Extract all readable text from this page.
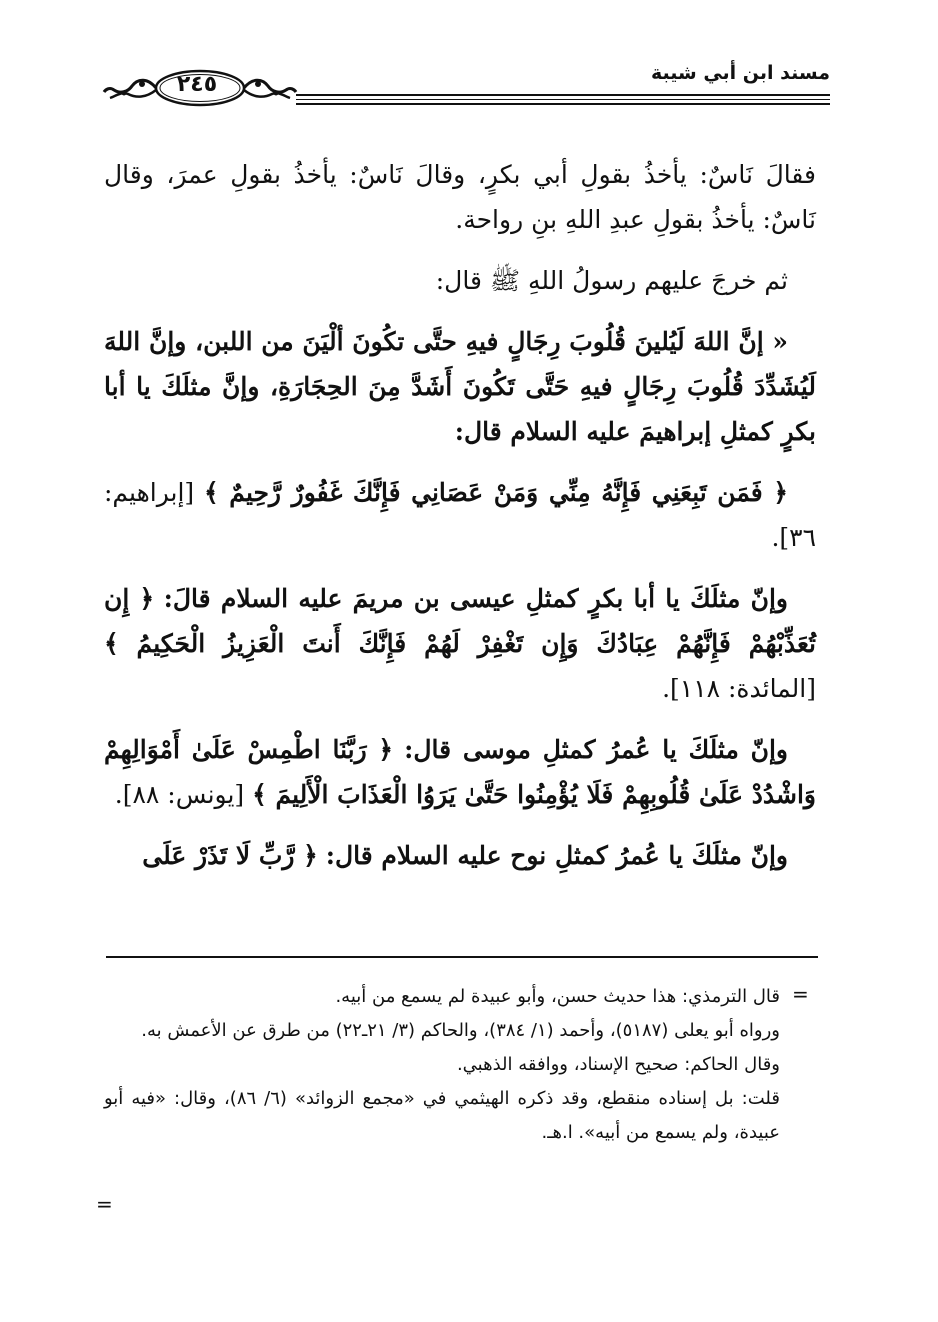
مسند ابن أبي شيبة
٢٤٥

فقالَ نَاسٌ: يأخذُ بقولِ أبي بكرٍ، وقالَ نَاسٌ: يأخذُ بقولِ عمرَ، وقال نَاسٌ: يأخذُ بقولِ عبدِ اللهِ بنِ رواحة.

ثم خرجَ عليهم رسولُ اللهِ ﷺ قال:

« إنَّ اللهَ لَيُلينَ قُلُوبَ رِجَالٍ فيهِ حتَّى تكُونَ ألْيَنَ من اللبن، وإنَّ اللهَ لَيُشَدِّدَ قُلُوبَ رِجَالٍ فيهِ حَتَّى تَكُونَ أَشَدَّ مِنَ الحِجَارَةِ، وإنَّ مثلَكَ يا أبا بكرٍ كمثلِ إبراهيمَ عليه السلام قال:

﴿ فَمَن تَبِعَنِي فَإِنَّهُ مِنِّي وَمَنْ عَصَانِي فَإِنَّكَ غَفُورٌ رَّحِيمٌ ﴾ [إبراهيم: ٣٦].

وإنّ مثلَكَ يا أبا بكرٍ كمثلِ عيسى بن مريمَ عليه السلام قالَ: ﴿ إِن تُعَذِّبْهُمْ فَإِنَّهُمْ عِبَادُكَ وَإِن تَغْفِرْ لَهُمْ فَإِنَّكَ أَنتَ الْعَزِيزُ الْحَكِيمُ ﴾ [المائدة: ١١٨].

وإنّ مثلَكَ يا عُمرُ كمثلِ موسى قال: ﴿ رَبَّنَا اطْمِسْ عَلَىٰ أَمْوَالِهِمْ وَاشْدُدْ عَلَىٰ قُلُوبِهِمْ فَلَا يُؤْمِنُوا حَتَّىٰ يَرَوُا الْعَذَابَ الْأَلِيمَ ﴾ [يونس: ٨٨].

وإنّ مثلَكَ يا عُمرُ كمثلِ نوح عليه السلام قال: ﴿ رَّبِّ لَا تَذَرْ عَلَى

=

قال الترمذي: هذا حديث حسن، وأبو عبيدة لم يسمع من أبيه.

ورواه أبو يعلى (٥١٨٧)، وأحمد (١/ ٣٨٤)، والحاكم (٣/ ٢١ـ٢٢) من طرق عن الأعمش به.

وقال الحاكم: صحيح الإسناد، ووافقه الذهبي.

قلت: بل إسناده منقطع، وقد ذكره الهيثمي في «مجمع الزوائد» (٦/ ٨٦)، وقال: «فيه أبو عبيدة، ولم يسمع من أبيه». ا.هـ.

=
